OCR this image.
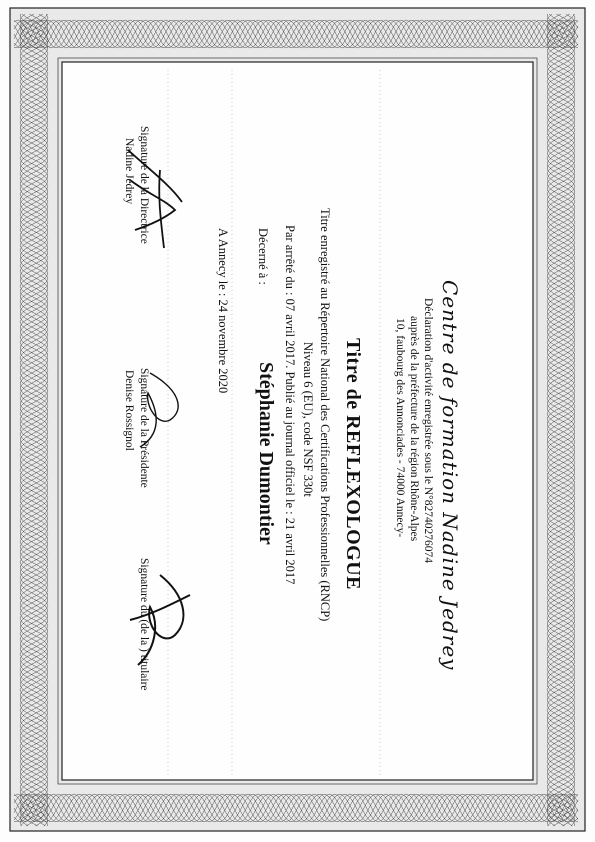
Centre de formation Nadine Jedrey
Déclaration d'activité enregistrée sous le N°82740276074
auprès de la préfecture de la région Rhône-Alpes
10, faubourg des Annonciades - 74000 Annecy-
Titre de REFLEXOLOGUE
Titre enregistré au Répertoire National des Certifications Professionnelles (RNCP)
Niveau 6 (EU), code NSF 330t
Par arrêté du : 07 avril 2017. Publié au journal officiel le : 21 avril 2017
Décerné à :
Stéphanie Dumontier
A Annecy le : 24 novembre 2020
Signature de la Directrice
Nadine Jedrey
Signature de la Présidente
Denise Rossignol
Signature du (de la ) titulaire
